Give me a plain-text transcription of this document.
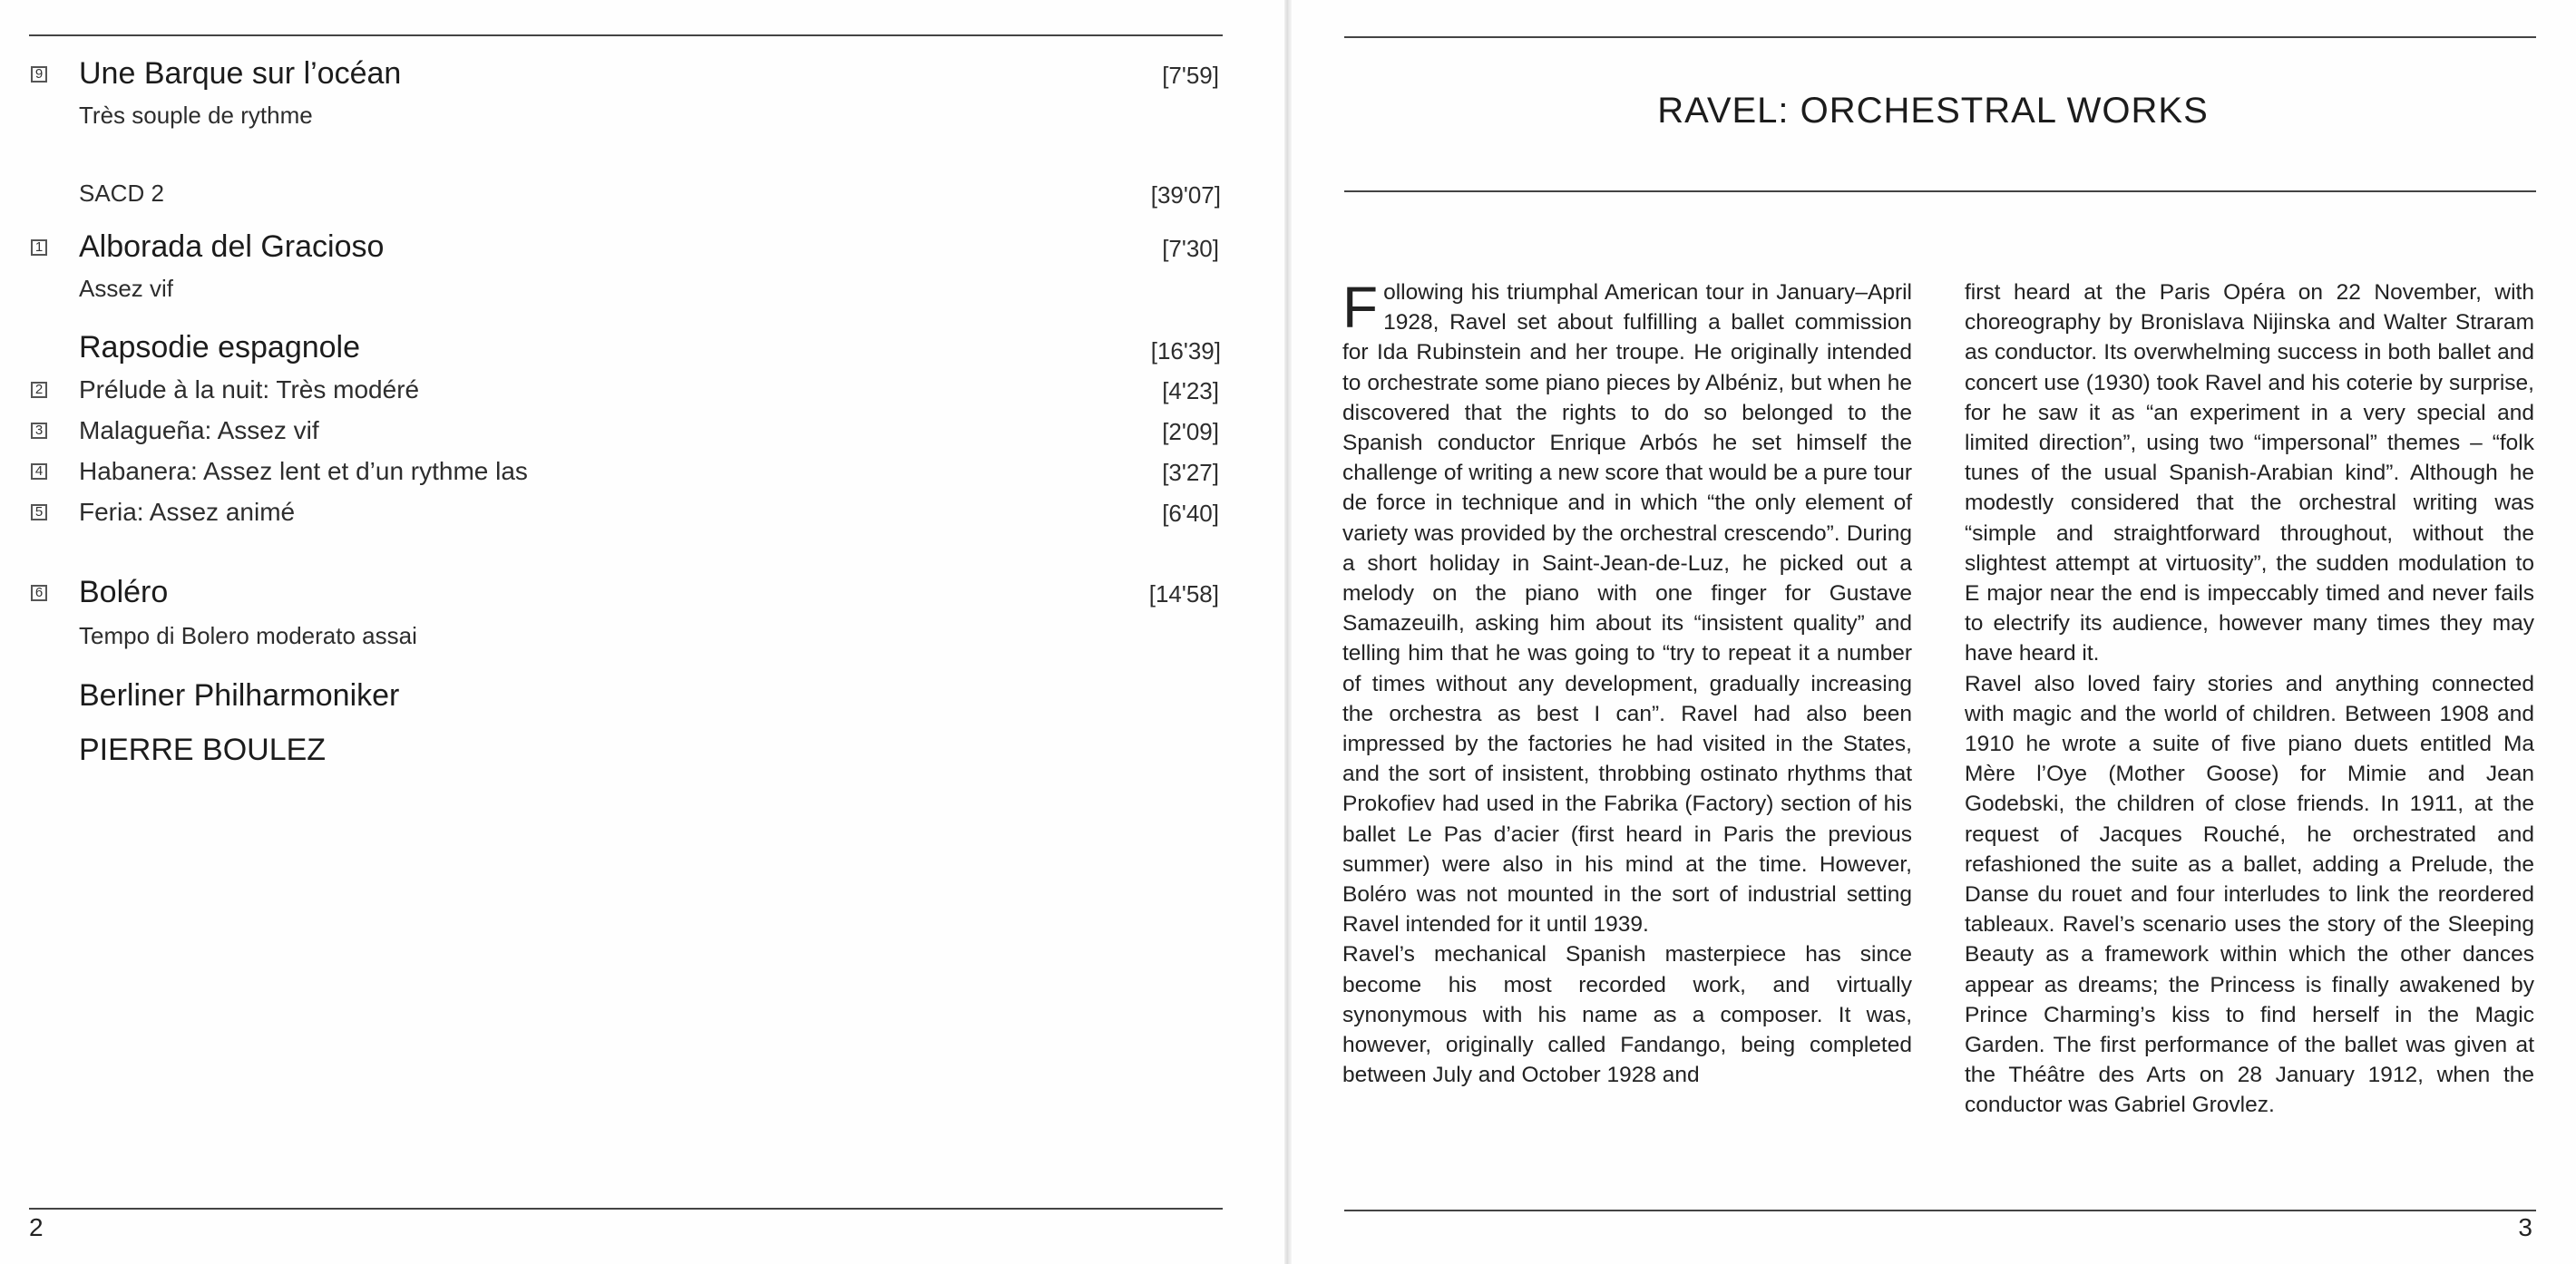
9 Une Barque sur l’océan	[7'59]
Très souple de rythme
SACD 2	[39'07]
1 Alborada del Gracioso	[7'30]
Assez vif
Rapsodie espagnole	[16'39]
2 Prélude à la nuit: Très modéré	[4'23]
3 Malagueña: Assez vif	[2'09]
4 Habanera: Assez lent et d’un rythme las	[3'27]
5 Feria: Assez animé	[6'40]
6 Boléro	[14'58]
Tempo di Bolero moderato assai
Berliner Philharmoniker
PIERRE BOULEZ
2
RAVEL: ORCHESTRAL WORKS

Following his triumphal American tour in January–April 1928, Ravel set about fulfilling a ballet commission for Ida Rubinstein and her troupe. He originally intended to orchestrate some piano pieces by Albéniz, but when he discovered that the rights to do so belonged to the Spanish conductor Enrique Arbós he set himself the challenge of writing a new score that would be a pure tour de force in technique and in which “the only element of variety was provided by the orchestral crescendo”. During a short holiday in Saint-Jean-de-Luz, he picked out a melody on the piano with one finger for Gustave Samazeuilh, asking him about its “insistent quality” and telling him that he was going to “try to repeat it a number of times without any development, gradually increasing the orchestra as best I can”. Ravel had also been impressed by the factories he had visited in the States, and the sort of insistent, throbbing ostinato rhythms that Prokofiev had used in the Fabrika (Factory) section of his ballet Le Pas d’acier (first heard in Paris the previous summer) were also in his mind at the time. However, Boléro was not mounted in the sort of industrial setting Ravel intended for it until 1939.

Ravel’s mechanical Spanish masterpiece has since become his most recorded work, and virtually synonymous with his name as a composer. It was, however, originally called Fandango, being completed between July and October 1928 and

first heard at the Paris Opéra on 22 November, with choreography by Bronislava Nijinska and Walter Straram as conductor. Its overwhelming success in both ballet and concert use (1930) took Ravel and his coterie by surprise, for he saw it as “an experiment in a very special and limited direction”, using two “impersonal” themes – “folk tunes of the usual Spanish-Arabian kind”. Although he modestly considered that the orchestral writing was “simple and straightforward throughout, without the slightest attempt at virtuosity”, the sudden modulation to E major near the end is impeccably timed and never fails to electrify its audience, however many times they may have heard it.

Ravel also loved fairy stories and anything connected with magic and the world of children. Between 1908 and 1910 he wrote a suite of five piano duets entitled Ma Mère l’Oye (Mother Goose) for Mimie and Jean Godebski, the children of close friends. In 1911, at the request of Jacques Rouché, he orchestrated and refashioned the suite as a ballet, adding a Prelude, the Danse du rouet and four interludes to link the reordered tableaux. Ravel’s scenario uses the story of the Sleeping Beauty as a framework within which the other dances appear as dreams; the Princess is finally awakened by Prince Charming’s kiss to find herself in the Magic Garden. The first performance of the ballet was given at the Théâtre des Arts on 28 January 1912, when the conductor was Gabriel Grovlez.

3
